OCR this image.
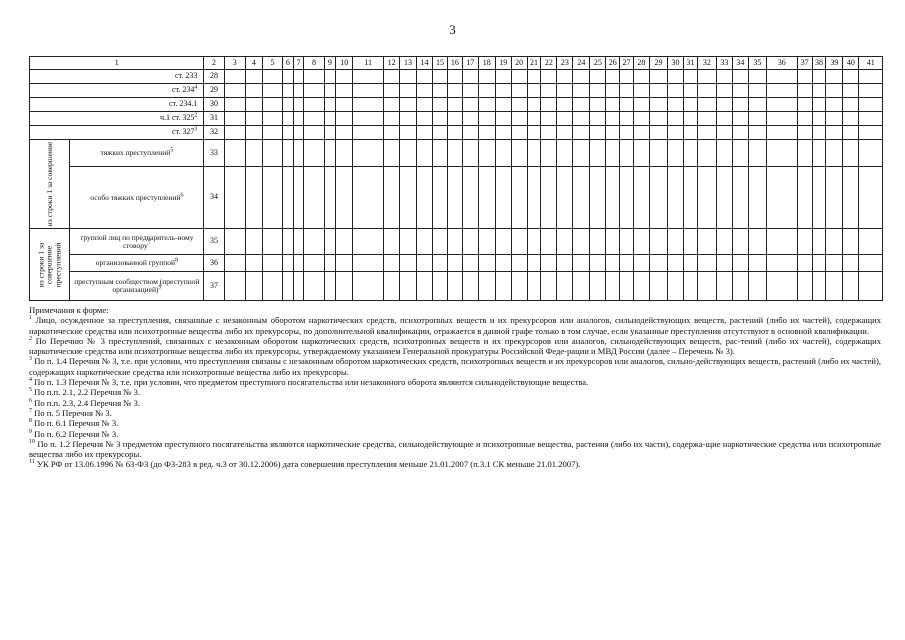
3
1		2	3	4	5	6	7	8	9	10	11	12	13	14	15	16	17	18	19	20	21	22	23	24	25	26	27	28	29	30	31	32	33	34	35	36	37	38	39	40	41
ст. 233		28																																							
ст. $234^4$		29																																							
ст. 234.1		30																																							
ч.1 ст. $325^2$		31																																							
ст. $327^3$		32																																							

из строки 1 за совершение	тяжких преступлений$^5$	33																																							
	особо тяжких преступлений$^6$	34																																							

из строки 1 за совершение преступлений	группой лиц по предваритель-ному сговору$^7$	35																																							
	организованной группой$^8$	36																																							
	преступным сообществом (преступной организацией)$^9$	37																																							

Примечания к форме:

$^1$ Лицо, осужденное за преступления, связанные с незаконным оборотом наркотических средств, психотропных веществ и их прекурсоров или аналогов, сильнодействующих веществ, растений (либо их частей), содержащих наркотические средства или психотропные вещества либо их прекурсоры, по дополнительной квалификации, отражается в данной графе только в том случае, если указанные преступления отсутствуют в основной квалификации.

$^2$ По Перечню № 3 преступлений, связанных с незаконным оборотом наркотических средств, психотропных веществ и их прекурсоров или аналогов, сильнодействующих веществ, рас-тений (либо их частей), содержащих наркотические средства или психотропные вещества либо их прекурсоры, утверждаемому указанием Генеральной прокуратуры Российской Феде-рации и МВД России (далее – Перечень № 3).

$^3$ По п. 1.4 Перечня № 3, т.е. при условии, что преступления связаны с незаконным оборотом наркотических средств, психотропных веществ и их прекурсоров или аналогов, сильно-действующих веществ, растений (либо их частей), содержащих наркотические средства или психотропные вещества либо их прекурсоры.

$^4$ По п. 1.3 Перечня № 3, т.е. при условии, что предметом преступного посягательства или незаконного оборота являются сильнодействующие вещества.

$^5$ По п.п. 2.1, 2.2 Перечня № 3.

$^6$ По п.п. 2.3, 2.4 Перечня № 3.

$^7$ По п. 5 Перечня № 3.

$^8$ По п. 6.1 Перечня № 3.

$^9$ По п. 6.2 Перечня № 3.

$^{10}$ По п. 1.2 Перечня № 3 предметом преступного посягательства являются наркотические средства, сильнодействующие и психотропные вещества, растения (либо их части), содержа-щие наркотические средства или психотропные вещества либо их прекурсоры.

$^{11}$ УК РФ от 13.06.1996 № 63-ФЗ (до ФЗ-283 в ред. ч.3 от 30.12.2006) дата совершения преступления меньше 21.01.2007 (п.3.1 СК меньше 21.01.2007).
